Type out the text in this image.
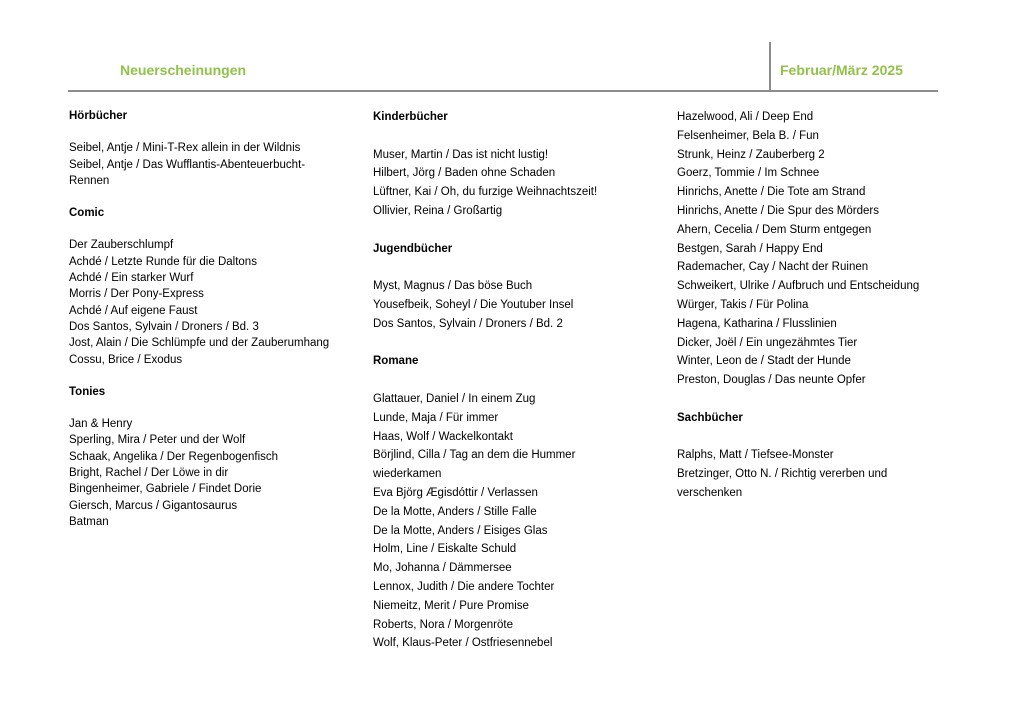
Neuerscheinungen	Februar/März 2025
Hörbücher
Seibel, Antje / Mini-T-Rex allein in der Wildnis
Seibel, Antje / Das Wufflantis-Abenteuerbucht-Rennen
Comic
Der Zauberschlumpf
Achdé / Letzte Runde für die Daltons
Achdé / Ein starker Wurf
Morris / Der Pony-Express
Achdé / Auf eigene Faust
Dos Santos, Sylvain / Droners / Bd. 3
Jost, Alain / Die Schlümpfe und der Zauberumhang
Cossu, Brice / Exodus
Tonies
Jan & Henry
Sperling, Mira / Peter und der Wolf
Schaak, Angelika / Der Regenbogenfisch
Bright, Rachel / Der Löwe in dir
Bingenheimer, Gabriele / Findet Dorie
Giersch, Marcus / Gigantosaurus
Batman
Kinderbücher
Muser, Martin / Das ist nicht lustig!
Hilbert, Jörg / Baden ohne Schaden
Lüftner, Kai / Oh, du furzige Weihnachtszeit!
Ollivier, Reina / Großartig
Jugendbücher
Myst, Magnus / Das böse Buch
Yousefbeik, Soheyl / Die Youtuber Insel
Dos Santos, Sylvain / Droners / Bd. 2
Romane
Glattauer, Daniel / In einem Zug
Lunde, Maja / Für immer
Haas, Wolf / Wackelkontakt
Börjlind, Cilla / Tag an dem die Hummer wiederkamen
Eva Björg Ægisdóttir / Verlassen
De la Motte, Anders / Stille Falle
De la Motte, Anders / Eisiges Glas
Holm, Line / Eiskalte Schuld
Mo, Johanna / Dämmersee
Lennox, Judith / Die andere Tochter
Niemeitz, Merit / Pure Promise
Roberts, Nora / Morgenröte
Wolf, Klaus-Peter / Ostfriesennebel
Hazelwood, Ali / Deep End
Felsenheimer, Bela B. / Fun
Strunk, Heinz / Zauberberg 2
Goerz, Tommie / Im Schnee
Hinrichs, Anette / Die Tote am Strand
Hinrichs, Anette / Die Spur des Mörders
Ahern, Cecelia / Dem Sturm entgegen
Bestgen, Sarah / Happy End
Rademacher, Cay / Nacht der Ruinen
Schweikert, Ulrike / Aufbruch und Entscheidung
Würger, Takis / Für Polina
Hagena, Katharina / Flusslinien
Dicker, Joël / Ein ungezähmtes Tier
Winter, Leon de / Stadt der Hunde
Preston, Douglas / Das neunte Opfer
Sachbücher
Ralphs, Matt / Tiefsee-Monster
Bretzinger, Otto N. / Richtig vererben und verschenken
